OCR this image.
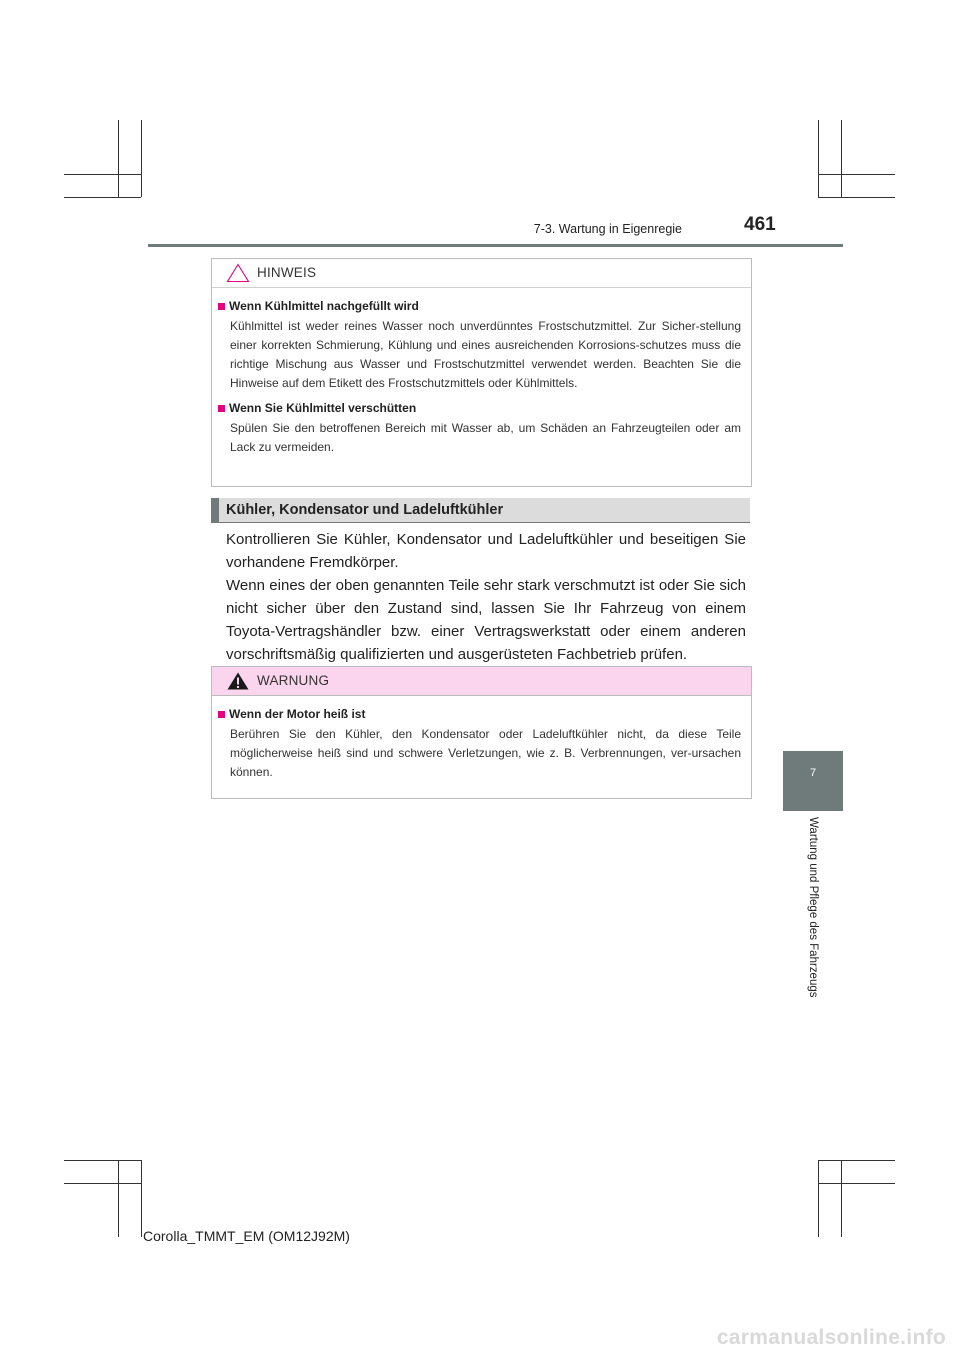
7-3. Wartung in Eigenregie	461
7
Wartung und Pflege des Fahrzeugs
HINWEIS
Wenn Kühlmittel nachgefüllt wird

Kühlmittel ist weder reines Wasser noch unverdünntes Frostschutzmittel. Zur Sicher-stellung einer korrekten Schmierung, Kühlung und eines ausreichenden Korrosions-schutzes muss die richtige Mischung aus Wasser und Frostschutzmittel verwendet werden. Beachten Sie die Hinweise auf dem Etikett des Frostschutzmittels oder Kühlmittels.

Wenn Sie Kühlmittel verschütten

Spülen Sie den betroffenen Bereich mit Wasser ab, um Schäden an Fahrzeugteilen oder am Lack zu vermeiden.

Kühler, Kondensator und Ladeluftkühler

Kontrollieren Sie Kühler, Kondensator und Ladeluftkühler und beseitigen Sie vorhandene Fremdkörper.

Wenn eines der oben genannten Teile sehr stark verschmutzt ist oder Sie sich nicht sicher über den Zustand sind, lassen Sie Ihr Fahrzeug von einem Toyota-Vertragshändler bzw. einer Vertragswerkstatt oder einem anderen vorschriftsmäßig qualifizierten und ausgerüsteten Fachbetrieb prüfen.

WARNUNG
Wenn der Motor heiß ist

Berühren Sie den Kühler, den Kondensator oder Ladeluftkühler nicht, da diese Teile möglicherweise heiß sind und schwere Verletzungen, wie z. B. Verbrennungen, ver-ursachen können.

Corolla_TMMT_EM (OM12J92M)
carmanualsonline.info
